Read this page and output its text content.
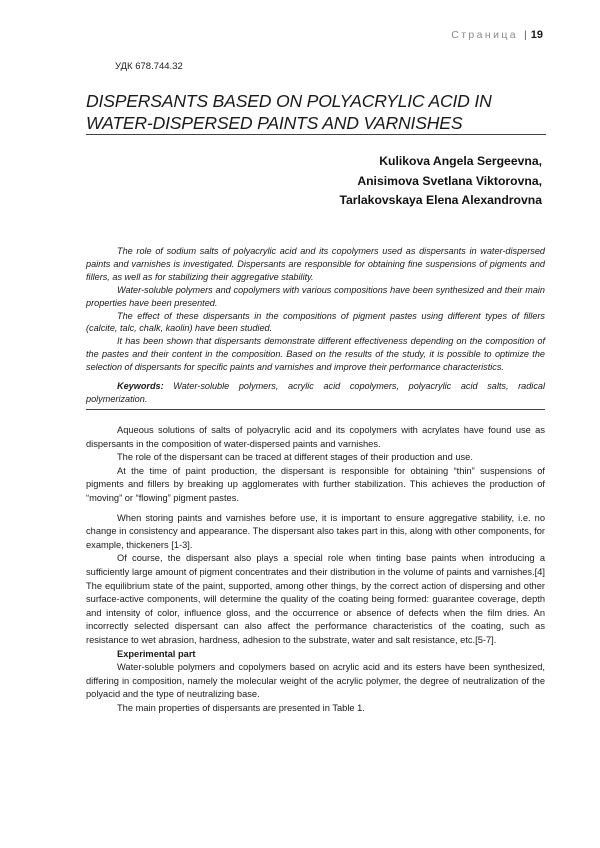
Страница | 19
УДК 678.744.32
DISPERSANTS BASED ON POLYACRYLIC ACID IN WATER-DISPERSED PAINTS AND VARNISHES
Kulikova Angela Sergeevna,
Anisimova Svetlana Viktorovna,
Tarlakovskaya Elena Alexandrovna

The role of sodium salts of polyacrylic acid and its copolymers used as dispersants in water-dispersed paints and varnishes is investigated. Dispersants are responsible for obtaining fine suspensions of pigments and fillers, as well as for stabilizing their aggregative stability.

Water-soluble polymers and copolymers with various compositions have been synthesized and their main properties have been presented.

The effect of these dispersants in the compositions of pigment pastes using different types of fillers (calcite, talc, chalk, kaolin) have been studied.

It has been shown that dispersants demonstrate different effectiveness depending on the composition of the pastes and their content in the composition. Based on the results of the study, it is possible to optimize the selection of dispersants for specific paints and varnishes and improve their performance characteristics.

Keywords: Water-soluble polymers, acrylic acid copolymers, polyacrylic acid salts, radical polymerization.

Aqueous solutions of salts of polyacrylic acid and its copolymers with acrylates have found use as dispersants in the composition of water-dispersed paints and varnishes.

The role of the dispersant can be traced at different stages of their production and use.

At the time of paint production, the dispersant is responsible for obtaining “thin” suspensions of pigments and fillers by breaking up agglomerates with further stabilization. This achieves the production of “moving” or “flowing” pigment pastes.

When storing paints and varnishes before use, it is important to ensure aggregative stability, i.e. no change in consistency and appearance. The dispersant also takes part in this, along with other components, for example, thickeners [1-3].

Of course, the dispersant also plays a special role when tinting base paints when introducing a sufficiently large amount of pigment concentrates and their distribution in the volume of paints and varnishes.[4] The equilibrium state of the paint, supported, among other things, by the correct action of dispersing and other surface-active components, will determine the quality of the coating being formed: guarantee coverage, depth and intensity of color, influence gloss, and the occurrence or absence of defects when the film dries. An incorrectly selected dispersant can also affect the performance characteristics of the coating, such as resistance to wet abrasion, hardness, adhesion to the substrate, water and salt resistance, etc.[5-7].

Experimental part

Water-soluble polymers and copolymers based on acrylic acid and its esters have been synthesized, differing in composition, namely the molecular weight of the acrylic polymer, the degree of neutralization of the polyacid and the type of neutralizing base.

The main properties of dispersants are presented in Table 1.
